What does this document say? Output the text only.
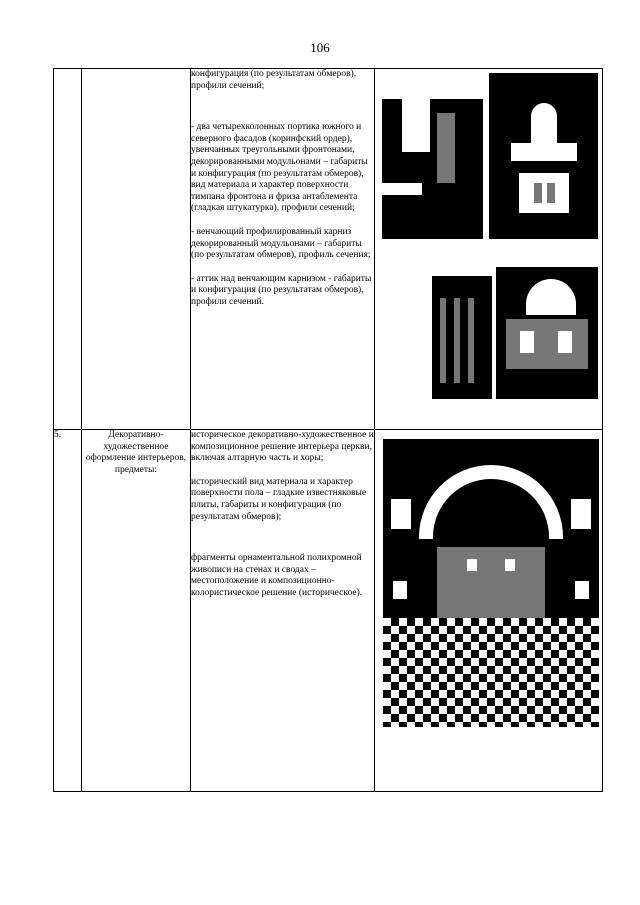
106

		конфигурация (по результатам обмеров), профили сечений;

- два четырехколонных портика южного и северного фасадов (коринфский ордер), увенчанных треугольными фронтонами, декорированными модульонами – габариты и конфигурация (по результатам обмеров), вид материала и характер поверхности тимпана фронтона и фриза антаблемента (гладкая штукатурка), профили сечений;

- венчающий профилированный карниз декорированный модульонами – габариты (по результатам обмеров), профиль сечения;

- аттик над венчающим карнизом - габариты и конфигурация (по результатам обмеров), профили сечений.	

5.	Декоративно-художественное оформление интерьеров, предметы:	историческое декоративно-художественное и композиционное решение интерьера церкви, включая алтарную часть и хоры;

исторический вид материала и характер поверхности пола – гладкие известняковые плиты, габариты и конфигурация (по результатам обмеров);

фрагменты орнаментальной полихромной живописи на стенах и сводах – местоположение и композиционно-колористическое решение (историческое).	
